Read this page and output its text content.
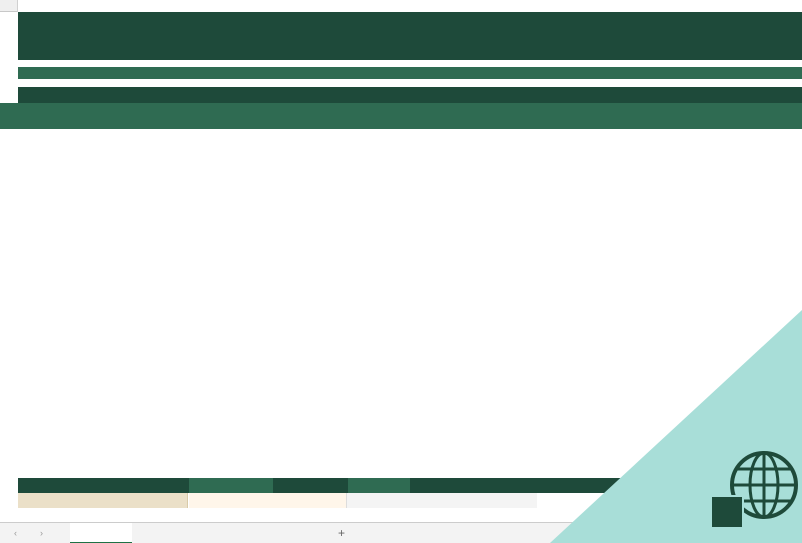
‹	›	+
